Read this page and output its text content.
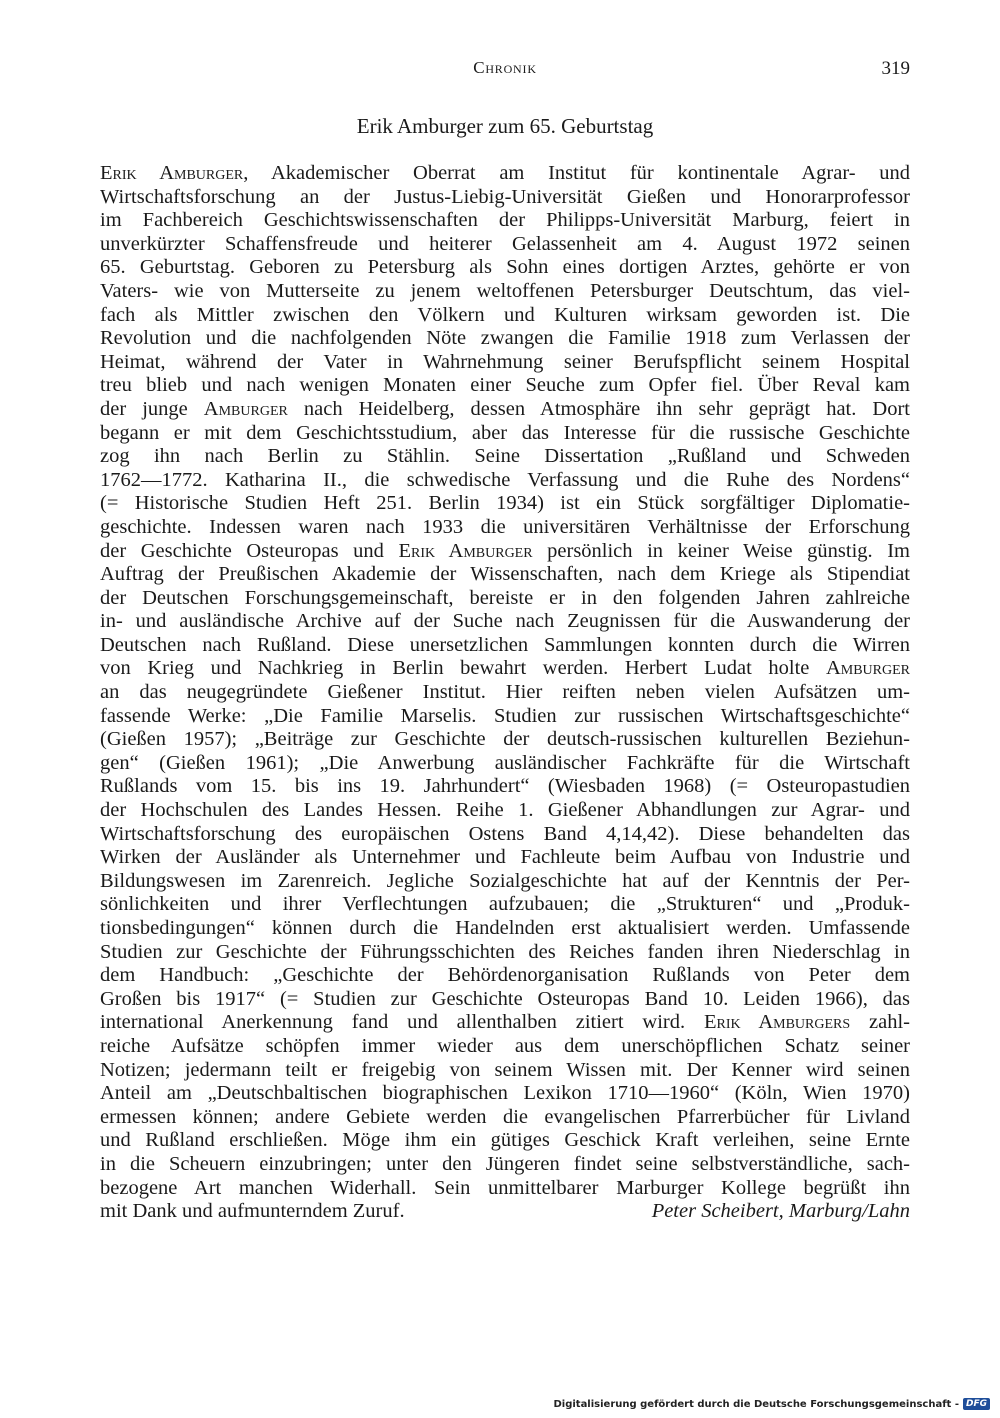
Chronik	319
Erik Amburger zum 65. Geburtstag
Erik Amburger, Akademischer Oberrat am Institut für kontinentale Agrar- und
Wirtschaftsforschung an der Justus-Liebig-Universität Gießen und Honorarprofessor
im Fachbereich Geschichtswissenschaften der Philipps-Universität Marburg, feiert in
unverkürzter Schaffensfreude und heiterer Gelassenheit am 4. August 1972 seinen
65. Geburtstag. Geboren zu Petersburg als Sohn eines dortigen Arztes, gehörte er von
Vaters- wie von Mutterseite zu jenem weltoffenen Petersburger Deutschtum, das viel-
fach als Mittler zwischen den Völkern und Kulturen wirksam geworden ist. Die
Revolution und die nachfolgenden Nöte zwangen die Familie 1918 zum Verlassen der
Heimat, während der Vater in Wahrnehmung seiner Berufspflicht seinem Hospital
treu blieb und nach wenigen Monaten einer Seuche zum Opfer fiel. Über Reval kam
der junge Amburger nach Heidelberg, dessen Atmosphäre ihn sehr geprägt hat. Dort
begann er mit dem Geschichtsstudium, aber das Interesse für die russische Geschichte
zog ihn nach Berlin zu Stählin. Seine Dissertation „Rußland und Schweden
1762—1772. Katharina II., die schwedische Verfassung und die Ruhe des Nordens“
(= Historische Studien Heft 251. Berlin 1934) ist ein Stück sorgfältiger Diplomatie-
geschichte. Indessen waren nach 1933 die universitären Verhältnisse der Erforschung
der Geschichte Osteuropas und Erik Amburger persönlich in keiner Weise günstig. Im
Auftrag der Preußischen Akademie der Wissenschaften, nach dem Kriege als Stipendiat
der Deutschen Forschungsgemeinschaft, bereiste er in den folgenden Jahren zahlreiche
in- und ausländische Archive auf der Suche nach Zeugnissen für die Auswanderung der
Deutschen nach Rußland. Diese unersetzlichen Sammlungen konnten durch die Wirren
von Krieg und Nachkrieg in Berlin bewahrt werden. Herbert Ludat holte Amburger
an das neugegründete Gießener Institut. Hier reiften neben vielen Aufsätzen um-
fassende Werke: „Die Familie Marselis. Studien zur russischen Wirtschaftsgeschichte“
(Gießen 1957); „Beiträge zur Geschichte der deutsch-russischen kulturellen Beziehun-
gen“ (Gießen 1961); „Die Anwerbung ausländischer Fachkräfte für die Wirtschaft
Rußlands vom 15. bis ins 19. Jahrhundert“ (Wiesbaden 1968) (= Osteuropastudien
der Hochschulen des Landes Hessen. Reihe 1. Gießener Abhandlungen zur Agrar- und
Wirtschaftsforschung des europäischen Ostens Band 4,14,42). Diese behandelten das
Wirken der Ausländer als Unternehmer und Fachleute beim Aufbau von Industrie und
Bildungswesen im Zarenreich. Jegliche Sozialgeschichte hat auf der Kenntnis der Per-
sönlichkeiten und ihrer Verflechtungen aufzubauen; die „Strukturen“ und „Produk-
tionsbedingungen“ können durch die Handelnden erst aktualisiert werden. Umfassende
Studien zur Geschichte der Führungsschichten des Reiches fanden ihren Niederschlag in
dem Handbuch: „Geschichte der Behördenorganisation Rußlands von Peter dem
Großen bis 1917“ (= Studien zur Geschichte Osteuropas Band 10. Leiden 1966), das
international Anerkennung fand und allenthalben zitiert wird. Erik Amburgers zahl-
reiche Aufsätze schöpfen immer wieder aus dem unerschöpflichen Schatz seiner
Notizen; jedermann teilt er freigebig von seinem Wissen mit. Der Kenner wird seinen
Anteil am „Deutschbaltischen biographischen Lexikon 1710—1960“ (Köln, Wien 1970)
ermessen können; andere Gebiete werden die evangelischen Pfarrerbücher für Livland
und Rußland erschließen. Möge ihm ein gütiges Geschick Kraft verleihen, seine Ernte
in die Scheuern einzubringen; unter den Jüngeren findet seine selbstverständliche, sach-
bezogene Art manchen Widerhall. Sein unmittelbarer Marburger Kollege begrüßt ihn
mit Dank und aufmunterndem Zuruf.	Peter Scheibert, Marburg/Lahn
Digitalisierung gefördert durch die Deutsche Forschungsgemeinschaft - DFG
